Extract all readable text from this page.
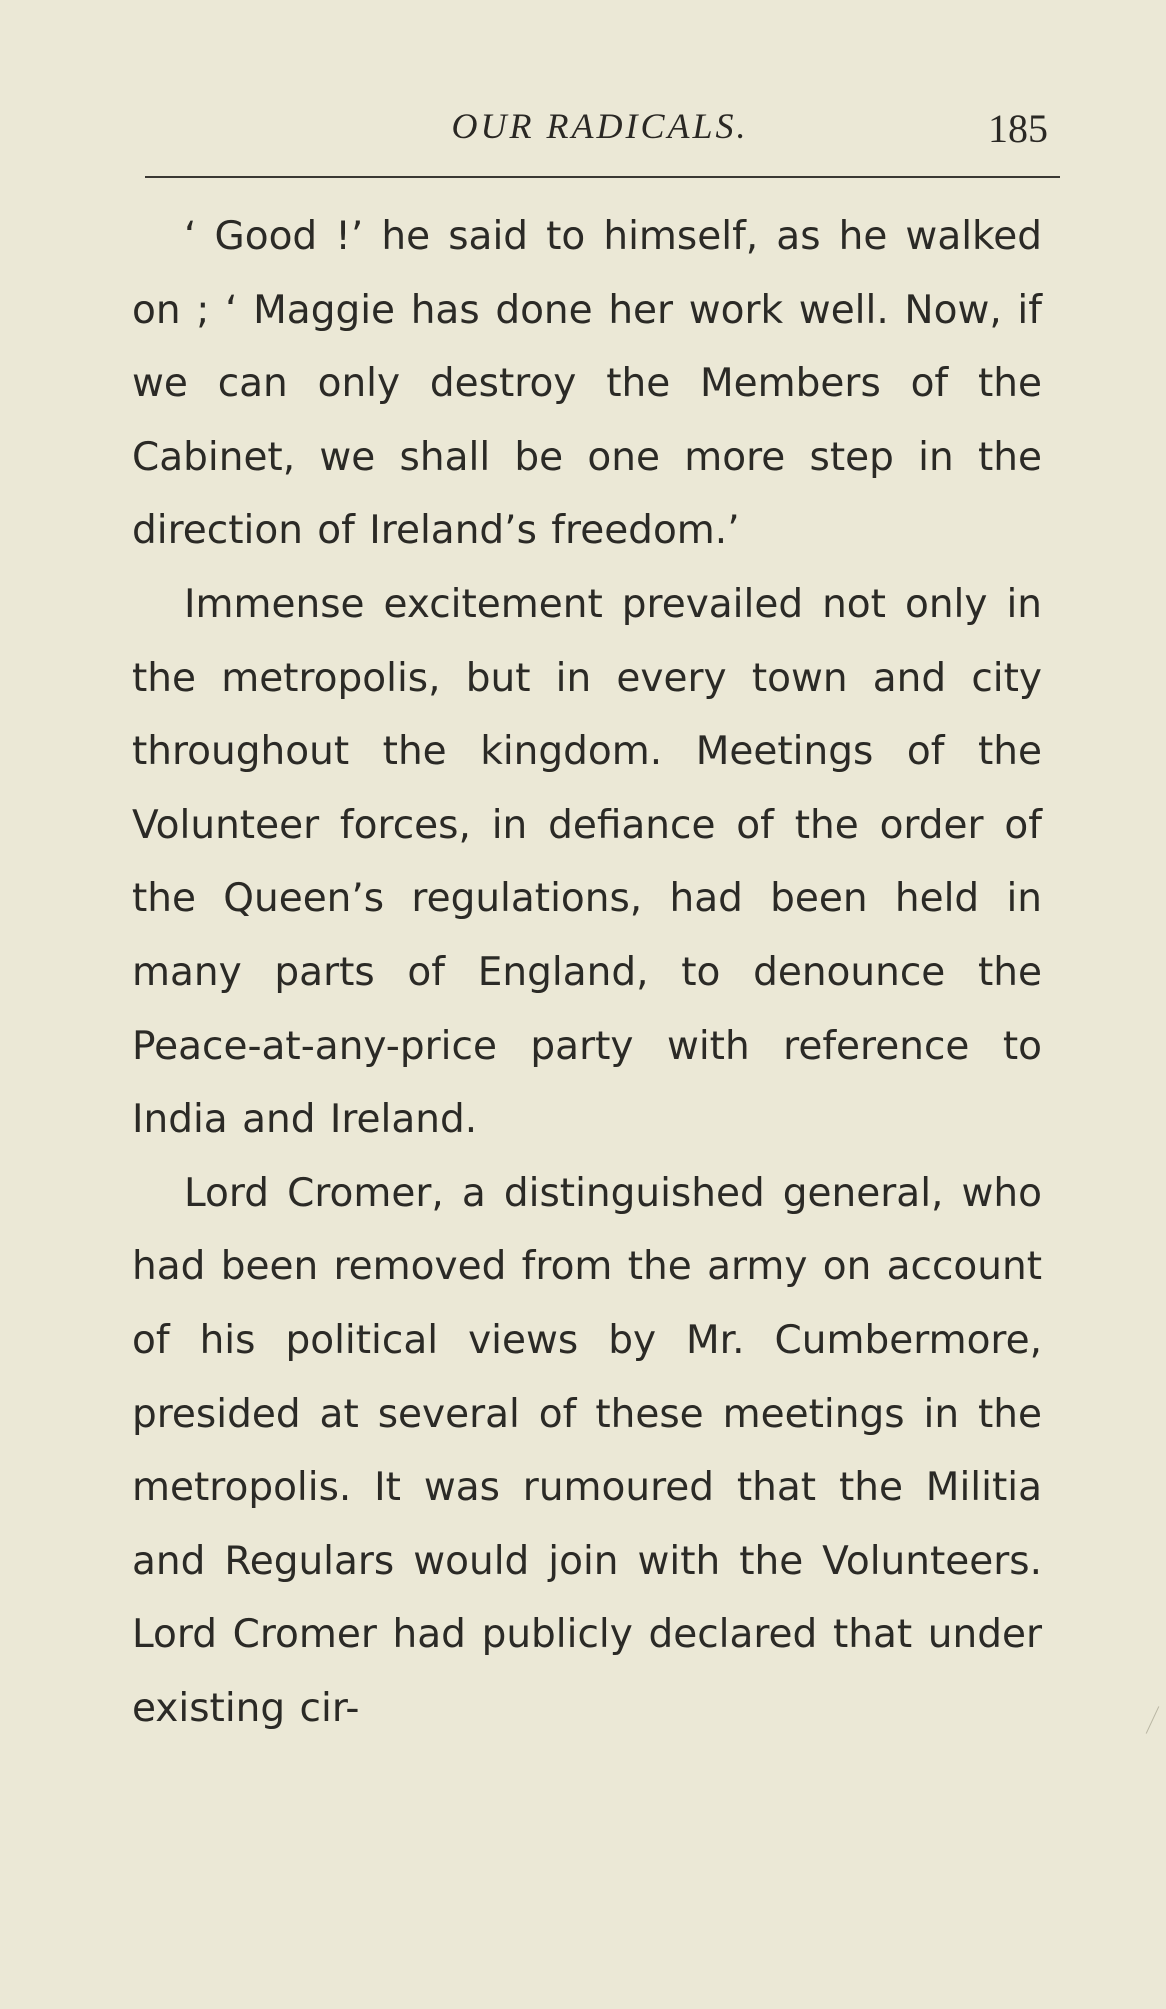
OUR RADICALS.	185

‘ Good !’ he said to himself, as he walked on ; ‘ Maggie has done her work well. Now, if we can only destroy the Members of the Cabinet, we shall be one more step in the direction of Ireland’s freedom.’

Immense excitement prevailed not only in the metropolis, but in every town and city throughout the kingdom. Meetings of the Volunteer forces, in defiance of the order of the Queen’s regulations, had been held in many parts of England, to denounce the Peace-at-any-price party with reference to India and Ireland.

Lord Cromer, a distinguished general, who had been removed from the army on account of his political views by Mr. Cumbermore, presided at several of these meetings in the metropolis. It was rumoured that the Militia and Regulars would join with the Volunteers. Lord Cromer had publicly declared that under existing cir-
